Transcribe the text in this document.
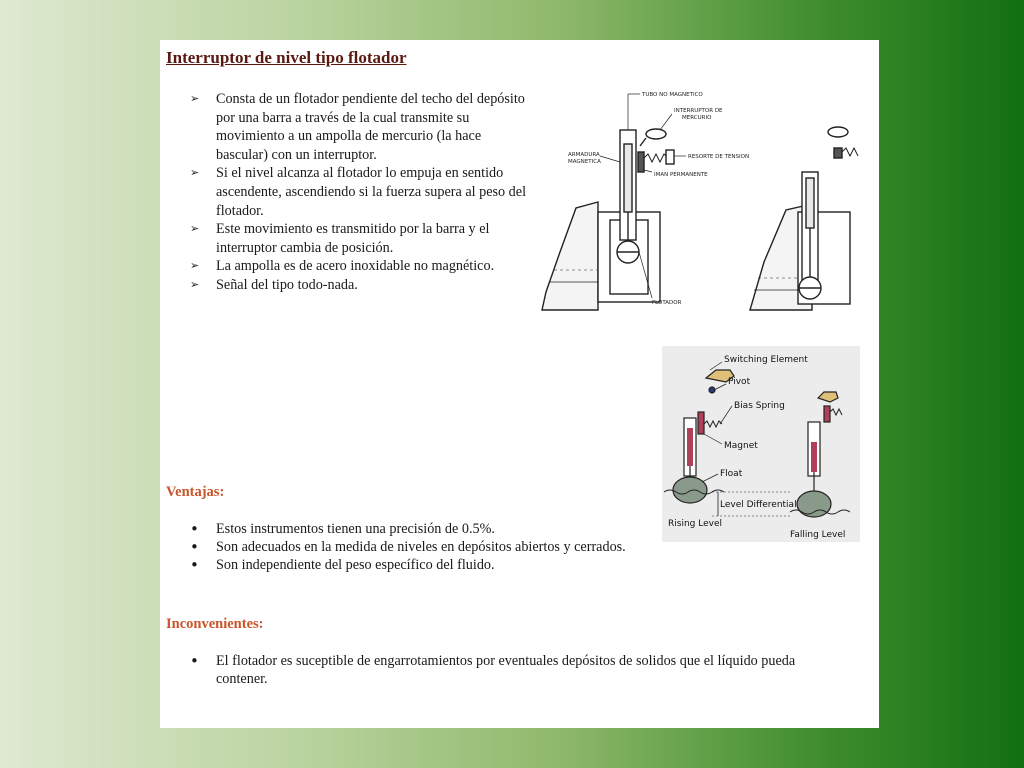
Interruptor de nivel tipo flotador
➢ Consta de un flotador pendiente del techo del depósito por una barra a través de la cual transmite su movimiento a un ampolla de mercurio (la hace bascular) con un interruptor.
➢ Si el nivel alcanza al flotador lo empuja en sentido ascendente, ascendiendo si la fuerza supera al peso del flotador.
➢ Este movimiento es transmitido por la barra y el interruptor cambia de posición.
➢ La ampolla es de acero inoxidable no magnético.
➢ Señal del tipo todo-nada.
TUBO NO MAGNETICO
INTERRUPTOR DE
MERCURIO
ARMADURA
MAGNETICA
RESORTE DE TENSION
IMAN PERMANENTE
FLOTADOR
Switching Element
Pivot
Bias Spring
Magnet
Float
Level Differential
Rising Level
Falling Level
Ventajas:
• Estos instrumentos tienen una precisión de 0.5%.
• Son adecuados en la medida de niveles en depósitos abiertos y cerrados.
• Son independiente del peso específico del fluido.
Inconvenientes:
• El flotador es suceptible de engarrotamientos por eventuales depósitos de solidos que el líquido pueda contener.
